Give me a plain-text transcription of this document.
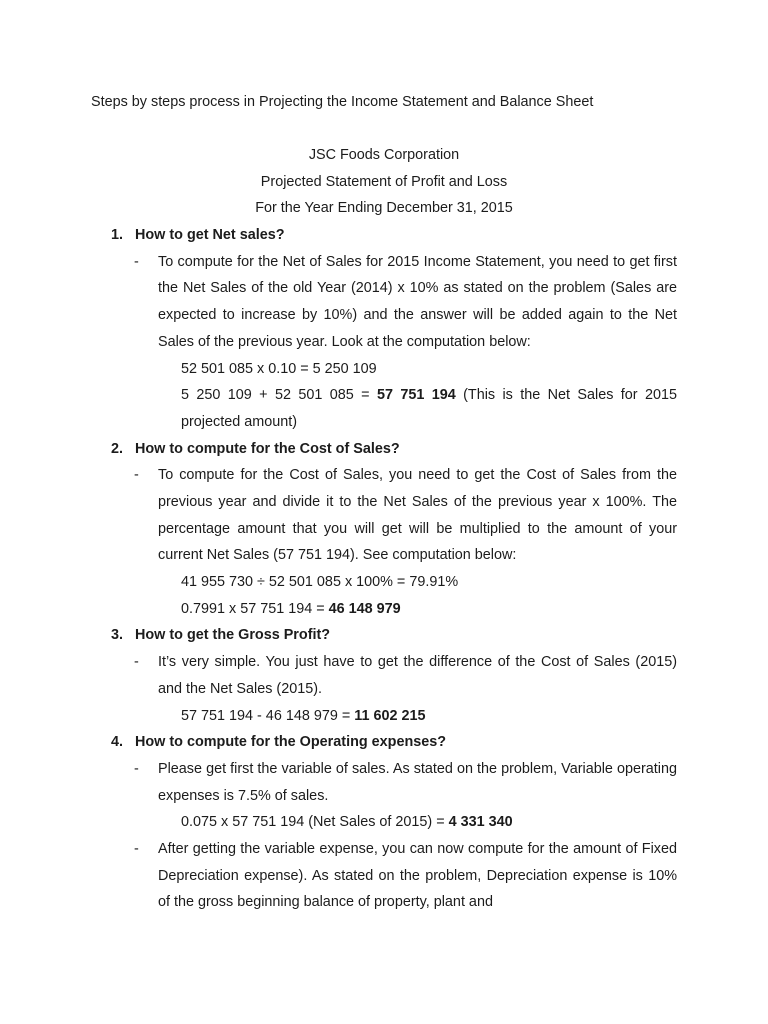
Steps by steps process in Projecting the Income Statement and Balance Sheet
JSC Foods Corporation
Projected Statement of Profit and Loss
For the Year Ending December 31, 2015
1. How to get Net sales?
- To compute for the Net of Sales for 2015 Income Statement, you need to get first the Net Sales of the old Year (2014) x 10% as stated on the problem (Sales are expected to increase by 10%) and the answer will be added again to the Net Sales of the previous year. Look at the computation below:
52 501 085 x 0.10 = 5 250 109
5 250 109 + 52 501 085 = 57 751 194 (This is the Net Sales for 2015 projected amount)
2. How to compute for the Cost of Sales?
- To compute for the Cost of Sales, you need to get the Cost of Sales from the previous year and divide it to the Net Sales of the previous year x 100%. The percentage amount that you will get will be multiplied to the amount of your current Net Sales (57 751 194). See computation below:
41 955 730 ÷ 52 501 085 x 100% = 79.91%
0.7991 x 57 751 194 = 46 148 979
3. How to get the Gross Profit?
- It’s very simple. You just have to get the difference of the Cost of Sales (2015) and the Net Sales (2015).
57 751 194 - 46 148 979 = 11 602 215
4. How to compute for the Operating expenses?
- Please get first the variable of sales. As stated on the problem, Variable operating expenses is 7.5% of sales.
0.075 x 57 751 194 (Net Sales of 2015) = 4 331 340
- After getting the variable expense, you can now compute for the amount of Fixed Depreciation expense). As stated on the problem, Depreciation expense is 10% of the gross beginning balance of property, plant and
